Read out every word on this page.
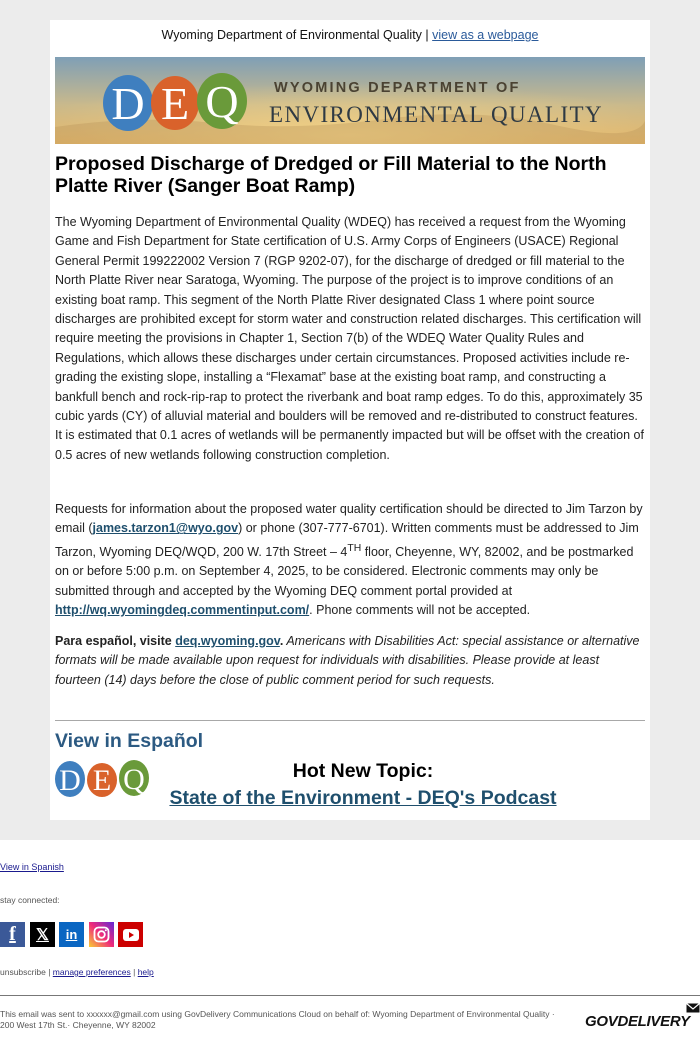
Wyoming Department of Environmental Quality | view as a webpage
D E Q WYOMING DEPARTMENT OF
ENVIRONMENTAL QUALITY
Proposed Discharge of Dredged or Fill Material to the North Platte River (Sanger Boat Ramp)

The Wyoming Department of Environmental Quality (WDEQ) has received a request from the Wyoming Game and Fish Department for State certification of U.S. Army Corps of Engineers (USACE) Regional General Permit 199222002 Version 7 (RGP 9202-07), for the discharge of dredged or fill material to the North Platte River near Saratoga, Wyoming. The purpose of the project is to improve conditions of an existing boat ramp. This segment of the North Platte River designated Class 1 where point source discharges are prohibited except for storm water and construction related discharges. This certification will require meeting the provisions in Chapter 1, Section 7(b) of the WDEQ Water Quality Rules and Regulations, which allows these discharges under certain circumstances. Proposed activities include re-grading the existing slope, installing a “Flexamat” base at the existing boat ramp, and constructing a bankfull bench and rock-rip-rap to protect the riverbank and boat ramp edges. To do this, approximately 35 cubic yards (CY) of alluvial material and boulders will be removed and re-distributed to construct features. It is estimated that 0.1 acres of wetlands will be permanently impacted but will be offset with the creation of 0.5 acres of new wetlands following construction completion.

Requests for information about the proposed water quality certification should be directed to Jim Tarzon by email (james.tarzon1@wyo.gov) or phone (307-777-6701). Written comments must be addressed to Jim Tarzon, Wyoming DEQ/WQD, 200 W. 17th Street – 4TH floor, Cheyenne, WY, 82002, and be postmarked on or before 5:00 p.m. on September 4, 2025, to be considered. Electronic comments may only be submitted through and accepted by the Wyoming DEQ comment portal provided at http://wq.wyomingdeq.commentinput.com/. Phone comments will not be accepted.

Para español, visite deq.wyoming.gov. Americans with Disabilities Act: special assistance or alternative formats will be made available upon request for individuals with disabilities. Please provide at least fourteen (14) days before the close of public comment period for such requests.

View in Español
D E Q	Hot New Topic:
State of the Environment - DEQ's Podcast
View in Spanish
stay connected:
f	𝕏	in
unsubscribe | manage preferences | help
This email was sent to xxxxxx@gmail.com using GovDelivery Communications Cloud on behalf of: Wyoming Department of Environmental Quality · 200 West 17th St.· Cheyenne, WY 82002	GOVDELIVERY
